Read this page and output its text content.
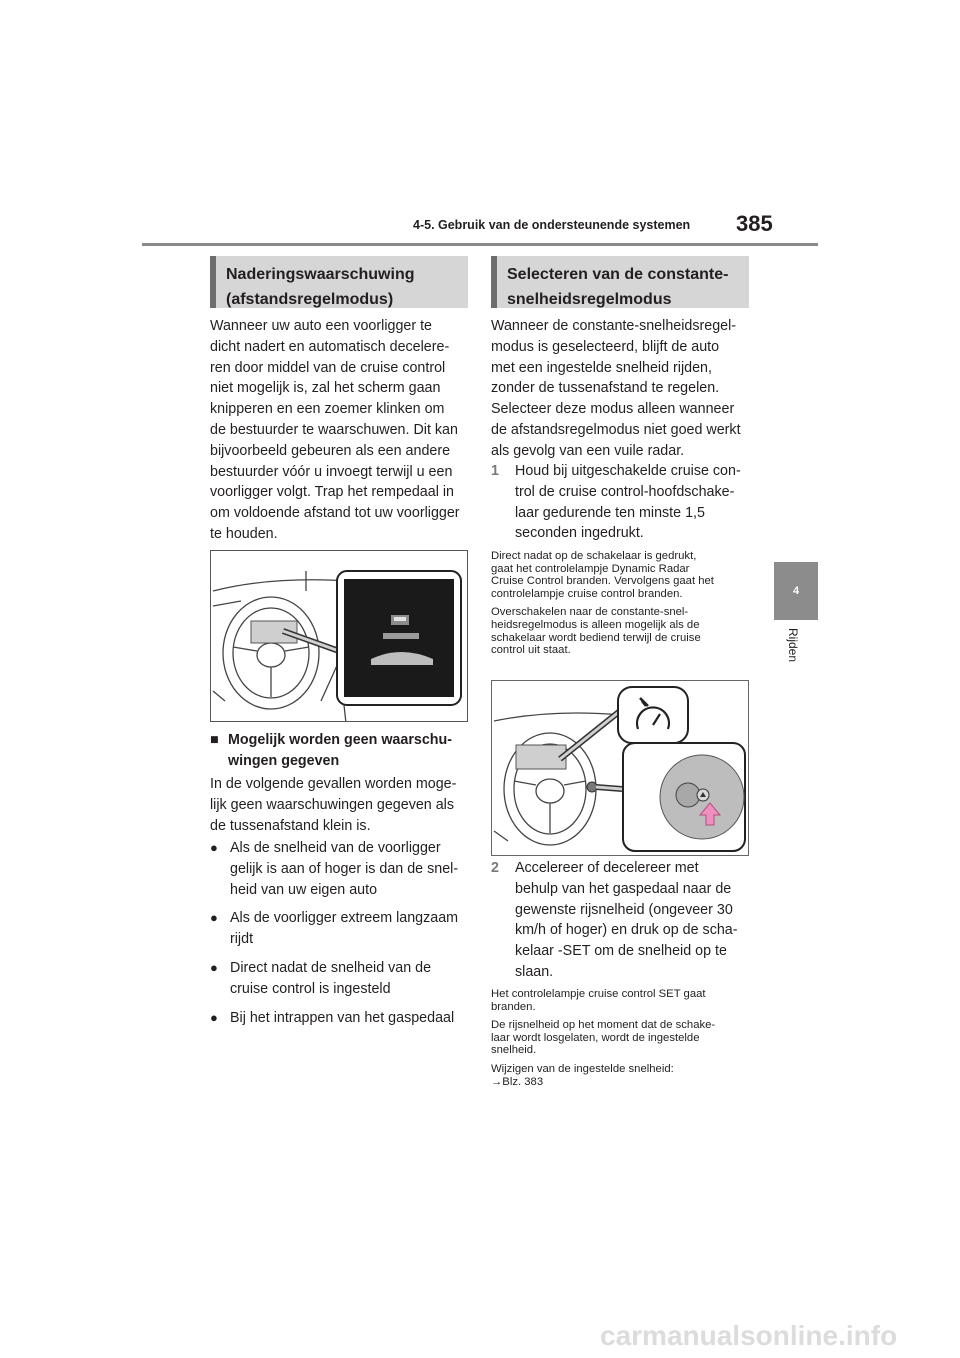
4-5. Gebruik van de ondersteunende systemen 385
4
Rijden
Naderingswaarschuwing
(afstandsregelmodus)
Wanneer uw auto een voorligger te
dicht nadert en automatisch decelere-
ren door middel van de cruise control
niet mogelijk is, zal het scherm gaan
knipperen en een zoemer klinken om
de bestuurder te waarschuwen. Dit kan
bijvoorbeeld gebeuren als een andere
bestuurder vóór u invoegt terwijl u een
voorligger volgt. Trap het rempedaal in
om voldoende afstand tot uw voorligger
te houden.
■ Mogelijk worden geen waarschu-
wingen gegeven
In de volgende gevallen worden moge-
lijk geen waarschuwingen gegeven als
de tussenafstand klein is.
● Als de snelheid van de voorligger
gelijk is aan of hoger is dan de snel-
heid van uw eigen auto
● Als de voorligger extreem langzaam
rijdt
● Direct nadat de snelheid van de
cruise control is ingesteld
● Bij het intrappen van het gaspedaal
Selecteren van de constante-
snelheidsregelmodus
Wanneer de constante-snelheidsregel-
modus is geselecteerd, blijft de auto
met een ingestelde snelheid rijden,
zonder de tussenafstand te regelen.
Selecteer deze modus alleen wanneer
de afstandsregelmodus niet goed werkt
als gevolg van een vuile radar.
1	Houd bij uitgeschakelde cruise con-
trol de cruise control-hoofdschake-
laar gedurende ten minste 1,5
seconden ingedrukt.

Direct nadat op de schakelaar is gedrukt,
gaat het controlelampje Dynamic Radar
Cruise Control branden. Vervolgens gaat het
controlelampje cruise control branden.

Overschakelen naar de constante-snel-
heidsregelmodus is alleen mogelijk als de
schakelaar wordt bediend terwijl de cruise
control uit staat.

2	Accelereer of decelereer met
behulp van het gaspedaal naar de
gewenste rijsnelheid (ongeveer 30
km/h of hoger) en druk op de scha-
kelaar -SET om de snelheid op te
slaan.

Het controlelampje cruise control SET gaat
branden.

De rijsnelheid op het moment dat de schake-
laar wordt losgelaten, wordt de ingestelde
snelheid.

Wijzigen van de ingestelde snelheid:
→Blz. 383

carmanualsonline.info
